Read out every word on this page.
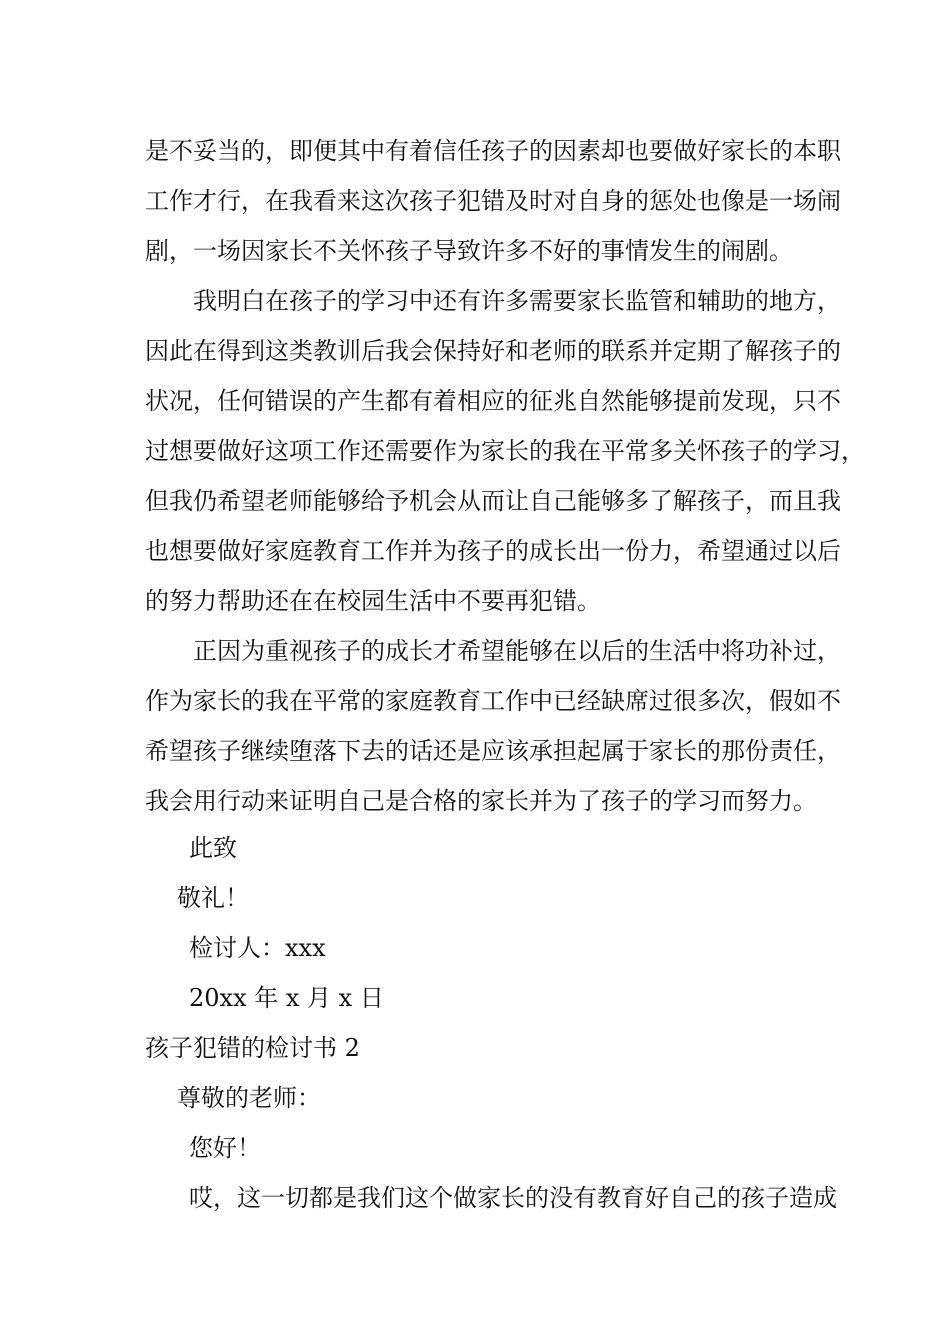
是不妥当的，即便其中有着信任孩子的因素却也要做好家长的本职
工作才行，在我看来这次孩子犯错及时对自身的惩处也像是一场闹
剧，一场因家长不关怀孩子导致许多不好的事情发生的闹剧。
我明白在孩子的学习中还有许多需要家长监管和辅助的地方，
因此在得到这类教训后我会保持好和老师的联系并定期了解孩子的
状况，任何错误的产生都有着相应的征兆自然能够提前发现，只不
过想要做好这项工作还需要作为家长的我在平常多关怀孩子的学习，
但我仍希望老师能够给予机会从而让自己能够多了解孩子，而且我
也想要做好家庭教育工作并为孩子的成长出一份力，希望通过以后
的努力帮助还在在校园生活中不要再犯错。
正因为重视孩子的成长才希望能够在以后的生活中将功补过，
作为家长的我在平常的家庭教育工作中已经缺席过很多次，假如不
希望孩子继续堕落下去的话还是应该承担起属于家长的那份责任，
我会用行动来证明自己是合格的家长并为了孩子的学习而努力。
此致
敬礼！
检讨人：xxx
20xx 年 x 月 x 日
孩子犯错的检讨书 2
尊敬的老师：
您好！
哎，这一切都是我们这个做家长的没有教育好自己的孩子造成
